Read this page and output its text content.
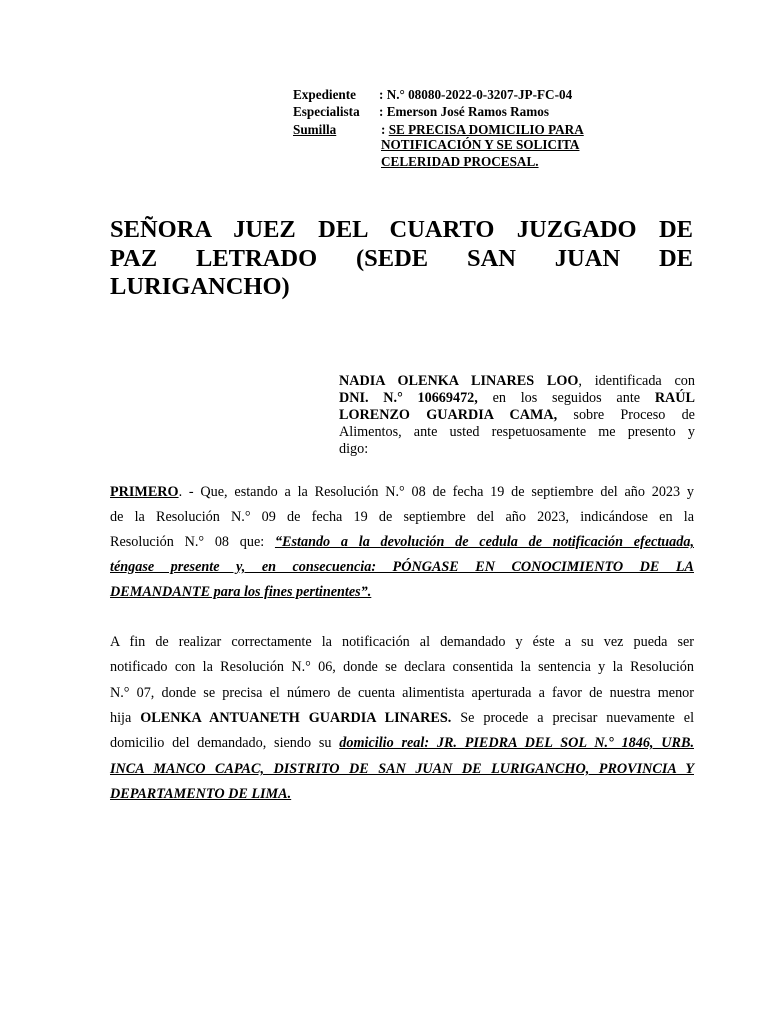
Expediente : N.° 08080-2022-0-3207-JP-FC-04
Especialista : Emerson José Ramos Ramos
Sumilla	: SE PRECISA DOMICILIO PARA
NOTIFICACIÓN Y SE SOLICITA
CELERIDAD PROCESAL.
SEÑORA JUEZ DEL CUARTO JUZGADO DE
PAZ LETRADO (SEDE SAN JUAN DE
LURIGANCHO)
NADIA OLENKA LINARES LOO, identificada con
DNI. N.° 10669472, en los seguidos ante RAÚL
LORENZO GUARDIA CAMA, sobre Proceso de
Alimentos, ante usted respetuosamente me presento y
digo:
PRIMERO. - Que, estando a la Resolución N.° 08 de fecha 19 de septiembre del año 2023 y
de la Resolución N.° 09 de fecha 19 de septiembre del año 2023, indicándose en la
Resolución N.° 08 que: “Estando a la devolución de cedula de notificación efectuada,
téngase presente y, en consecuencia: PÓNGASE EN CONOCIMIENTO DE LA
DEMANDANTE para los fines pertinentes”.
A fin de realizar correctamente la notificación al demandado y éste a su vez pueda ser
notificado con la Resolución N.° 06, donde se declara consentida la sentencia y la Resolución
N.° 07, donde se precisa el número de cuenta alimentista aperturada a favor de nuestra menor
hija OLENKA ANTUANETH GUARDIA LINARES. Se procede a precisar nuevamente el
domicilio del demandado, siendo su domicilio real: JR. PIEDRA DEL SOL N.° 1846, URB.
INCA MANCO CAPAC, DISTRITO DE SAN JUAN DE LURIGANCHO, PROVINCIA Y
DEPARTAMENTO DE LIMA.
